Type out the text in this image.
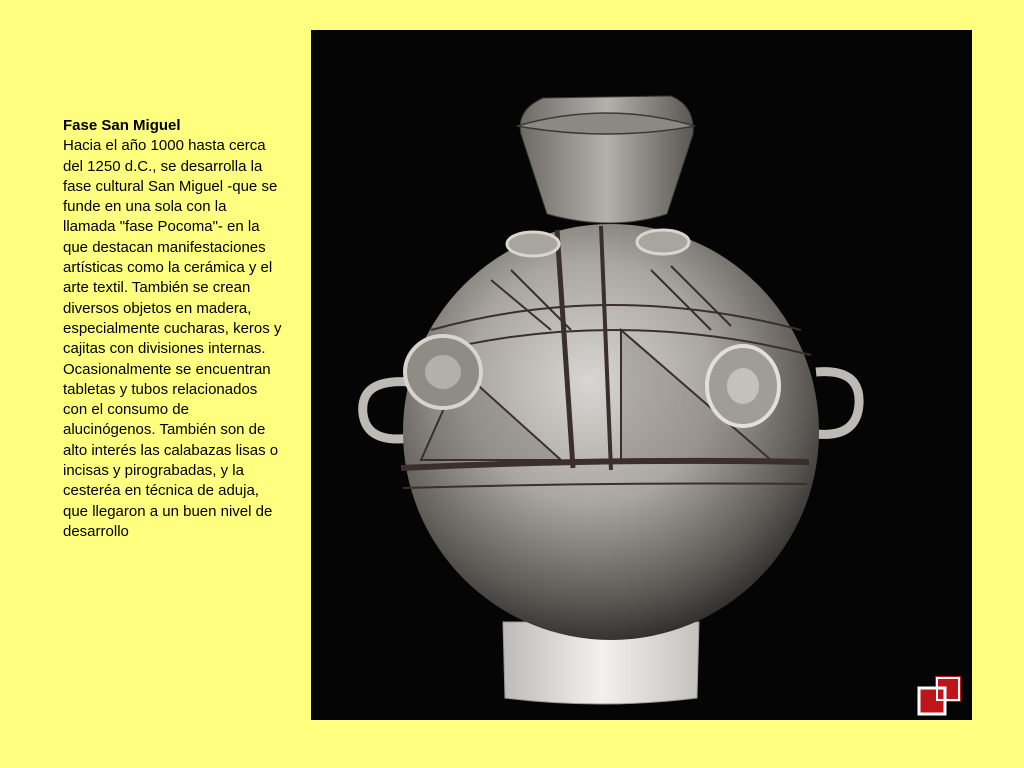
Fase San Miguel
Hacia el año 1000 hasta cerca del 1250 d.C., se desarrolla la fase cultural San Miguel -que se funde en una sola con la llamada "fase Pocoma"- en la que destacan manifestaciones artísticas como la cerámica y el arte textil. También se crean diversos objetos en madera, especialmente cucharas, keros y cajitas con divisiones internas. Ocasionalmente se encuentran tabletas y tubos relacionados con el consumo de alucinógenos. También son de alto interés las calabazas lisas o incisas y pirograbadas, y la cesteréa en técnica de aduja, que llegaron a un buen nivel de desarrollo
